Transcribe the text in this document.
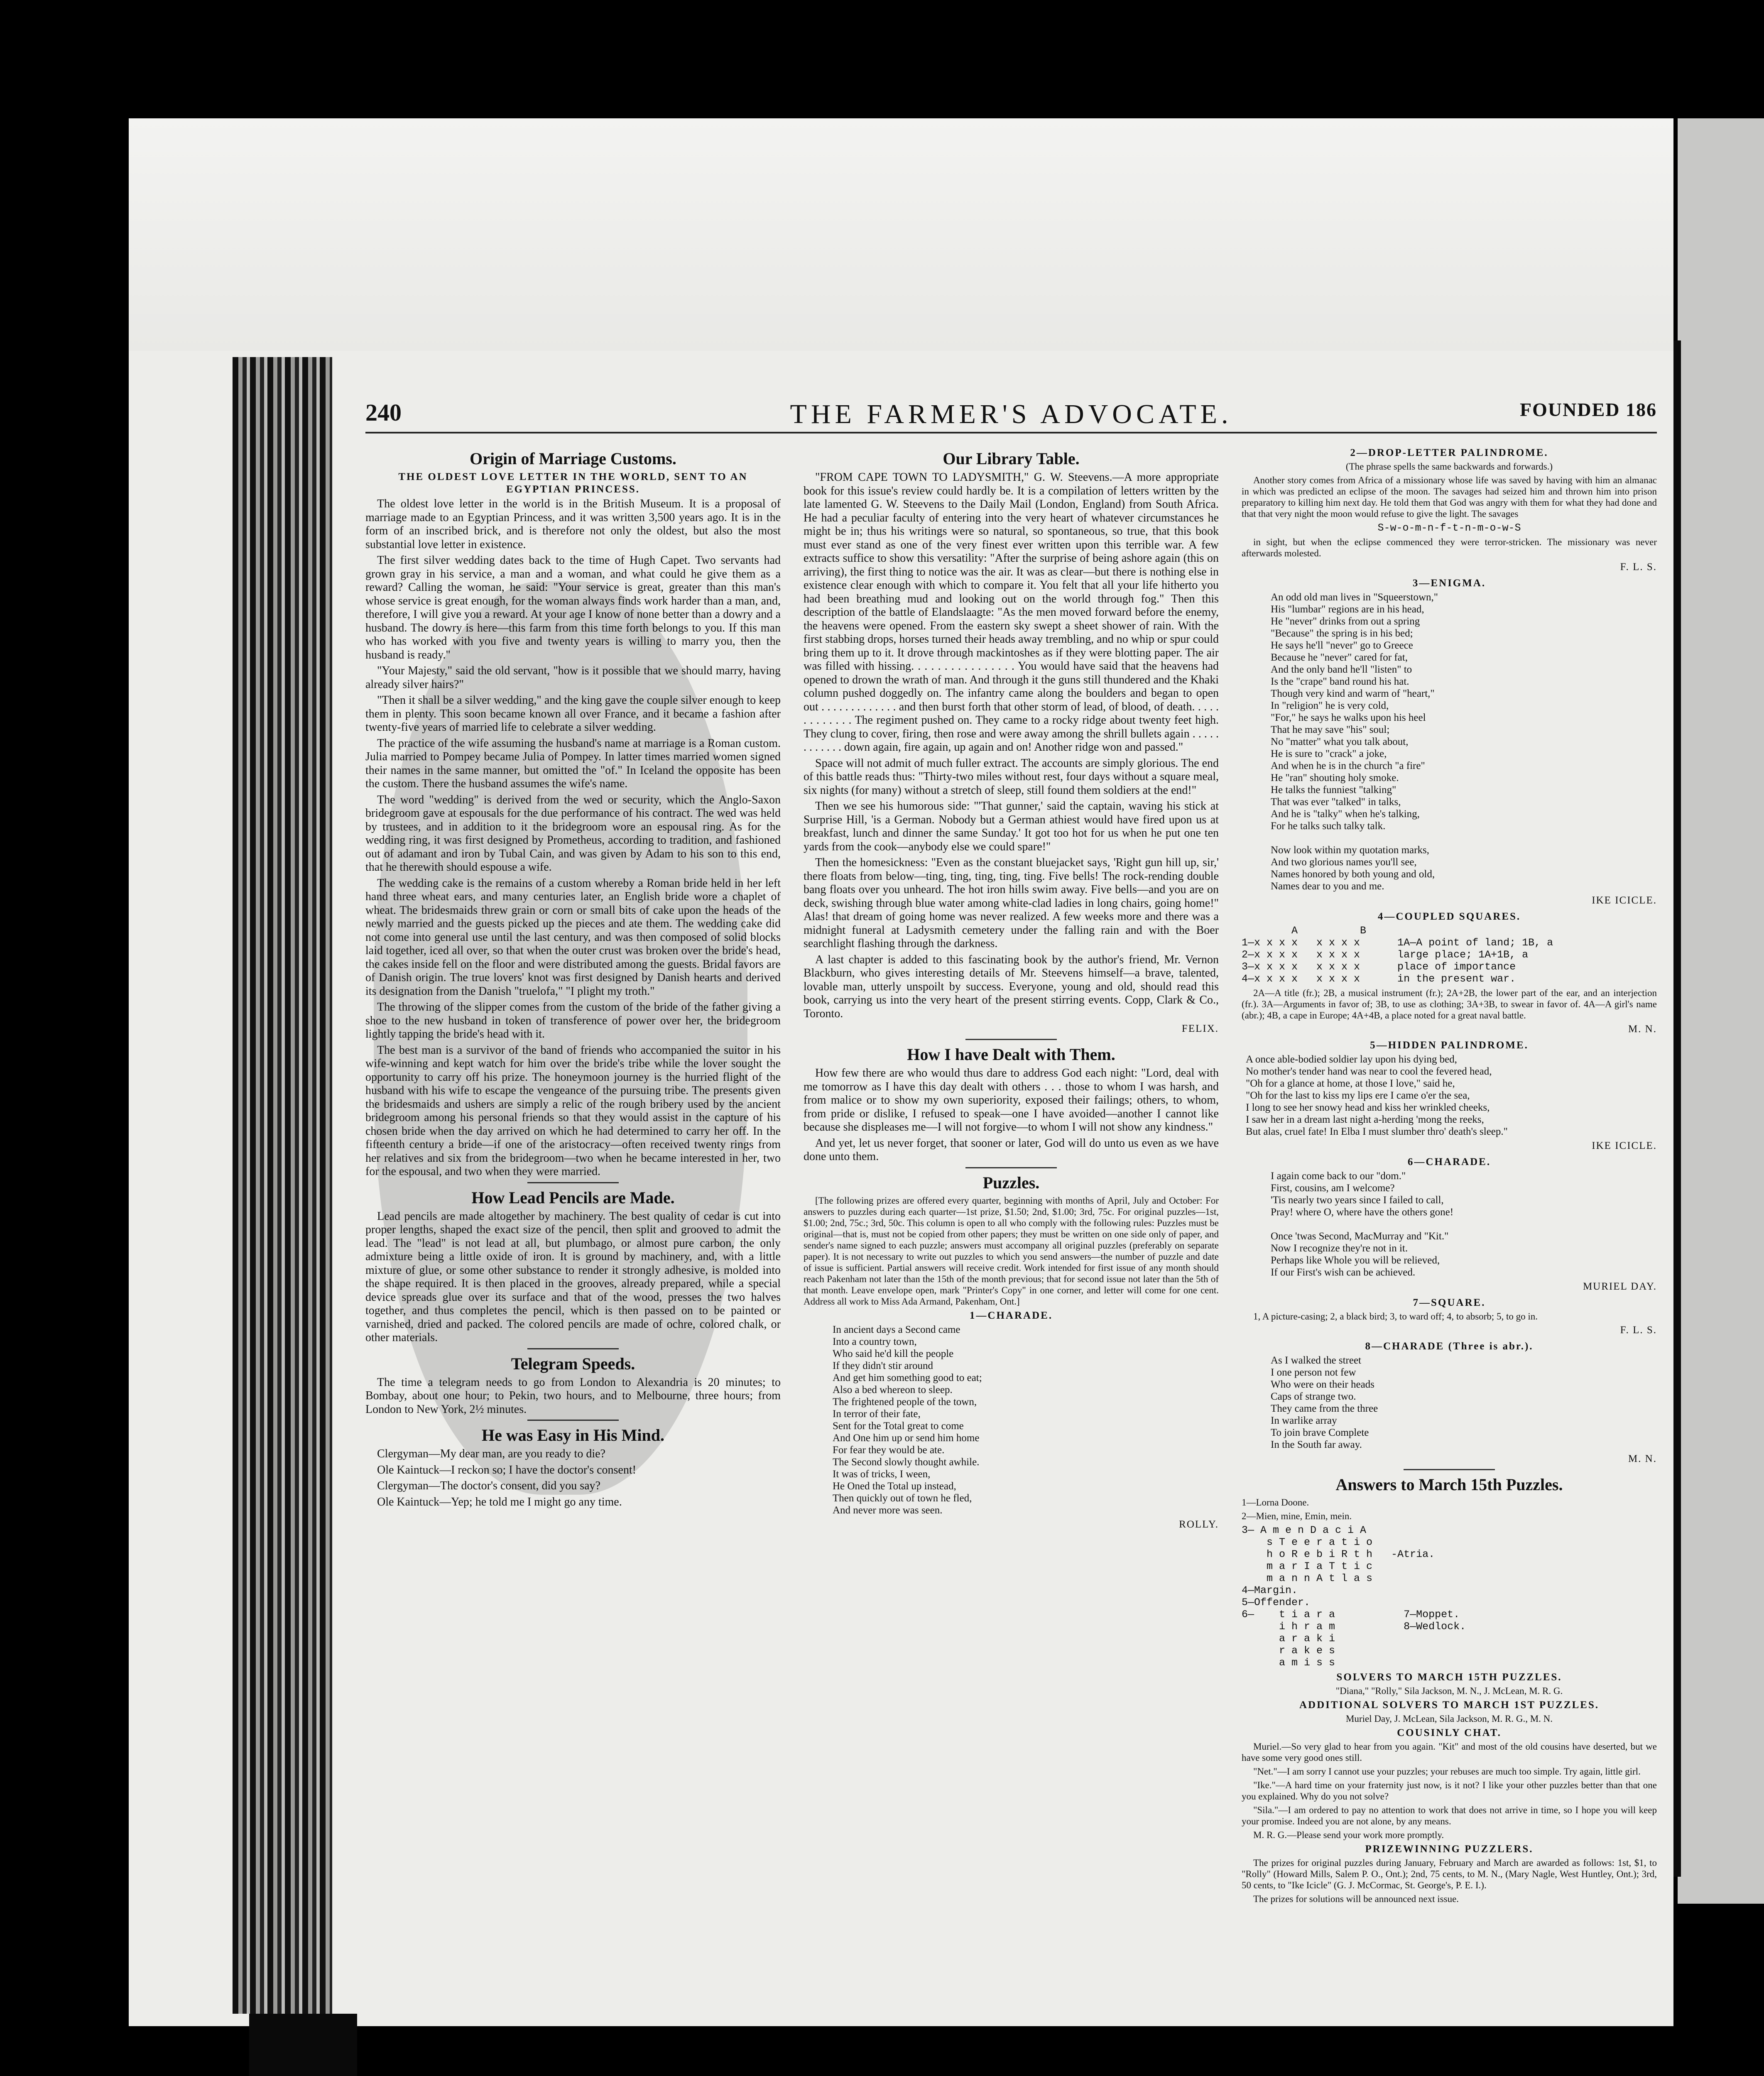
240	THE FARMER'S ADVOCATE.	FOUNDED 186
Origin of Marriage Customs.
THE OLDEST LOVE LETTER IN THE WORLD, SENT TO AN EGYPTIAN PRINCESS.

The oldest love letter in the world is in the British Museum. It is a proposal of marriage made to an Egyptian Princess, and it was written 3,500 years ago. It is in the form of an inscribed brick, and is therefore not only the oldest, but also the most substantial love letter in existence.

The first silver wedding dates back to the time of Hugh Capet. Two servants had grown gray in his service, a man and a woman, and what could he give them as a reward? Calling the woman, he said: "Your service is great, greater than this man's whose service is great enough, for the woman always finds work harder than a man, and, therefore, I will give you a reward. At your age I know of none better than a dowry and a husband. The dowry is here—this farm from this time forth belongs to you. If this man who has worked with you five and twenty years is willing to marry you, then the husband is ready."

"Your Majesty," said the old servant, "how is it possible that we should marry, having already silver hairs?"

"Then it shall be a silver wedding," and the king gave the couple silver enough to keep them in plenty. This soon became known all over France, and it became a fashion after twenty-five years of married life to celebrate a silver wedding.

The practice of the wife assuming the husband's name at marriage is a Roman custom. Julia married to Pompey became Julia of Pompey. In latter times married women signed their names in the same manner, but omitted the "of." In Iceland the opposite has been the custom. There the husband assumes the wife's name.

The word "wedding" is derived from the wed or security, which the Anglo-Saxon bridegroom gave at espousals for the due performance of his contract. The wed was held by trustees, and in addition to it the bridegroom wore an espousal ring. As for the wedding ring, it was first designed by Prometheus, according to tradition, and fashioned out of adamant and iron by Tubal Cain, and was given by Adam to his son to this end, that he therewith should espouse a wife.

The wedding cake is the remains of a custom whereby a Roman bride held in her left hand three wheat ears, and many centuries later, an English bride wore a chaplet of wheat. The bridesmaids threw grain or corn or small bits of cake upon the heads of the newly married and the guests picked up the pieces and ate them. The wedding cake did not come into general use until the last century, and was then composed of solid blocks laid together, iced all over, so that when the outer crust was broken over the bride's head, the cakes inside fell on the floor and were distributed among the guests. Bridal favors are of Danish origin. The true lovers' knot was first designed by Danish hearts and derived its designation from the Danish "truelofa," "I plight my troth."

The throwing of the slipper comes from the custom of the bride of the father giving a shoe to the new husband in token of transference of power over her, the bridegroom lightly tapping the bride's head with it.

The best man is a survivor of the band of friends who accompanied the suitor in his wife-winning and kept watch for him over the bride's tribe while the lover sought the opportunity to carry off his prize. The honeymoon journey is the hurried flight of the husband with his wife to escape the vengeance of the pursuing tribe. The presents given the bridesmaids and ushers are simply a relic of the rough bribery used by the ancient bridegroom among his personal friends so that they would assist in the capture of his chosen bride when the day arrived on which he had determined to carry her off. In the fifteenth century a bride—if one of the aristocracy—often received twenty rings from her relatives and six from the bridegroom—two when he became interested in her, two for the espousal, and two when they were married.

How Lead Pencils are Made.

Lead pencils are made altogether by machinery. The best quality of cedar is cut into proper lengths, shaped the exact size of the pencil, then split and grooved to admit the lead. The "lead" is not lead at all, but plumbago, or almost pure carbon, the only admixture being a little oxide of iron. It is ground by machinery, and, with a little mixture of glue, or some other substance to render it strongly adhesive, is molded into the shape required. It is then placed in the grooves, already prepared, while a special device spreads glue over its surface and that of the wood, presses the two halves together, and thus completes the pencil, which is then passed on to be painted or varnished, dried and packed. The colored pencils are made of ochre, colored chalk, or other materials.

Telegram Speeds.

The time a telegram needs to go from London to Alexandria is 20 minutes; to Bombay, about one hour; to Pekin, two hours, and to Melbourne, three hours; from London to New York, 2½ minutes.

He was Easy in His Mind.

Clergyman—My dear man, are you ready to die?

Ole Kaintuck—I reckon so; I have the doctor's consent!

Clergyman—The doctor's consent, did you say?

Ole Kaintuck—Yep; he told me I might go any time.

Our Library Table.

"FROM CAPE TOWN TO LADYSMITH," G. W. Steevens.—A more appropriate book for this issue's review could hardly be. It is a compilation of letters written by the late lamented G. W. Steevens to the Daily Mail (London, England) from South Africa. He had a peculiar faculty of entering into the very heart of whatever circumstances he might be in; thus his writings were so natural, so spontaneous, so true, that this book must ever stand as one of the very finest ever written upon this terrible war. A few extracts suffice to show this versatility: "After the surprise of being ashore again (this on arriving), the first thing to notice was the air. It was as clear—but there is nothing else in existence clear enough with which to compare it. You felt that all your life hitherto you had been breathing mud and looking out on the world through fog." Then this description of the battle of Elandslaagte: "As the men moved forward before the enemy, the heavens were opened. From the eastern sky swept a sheet shower of rain. With the first stabbing drops, horses turned their heads away trembling, and no whip or spur could bring them up to it. It drove through mackintoshes as if they were blotting paper. The air was filled with hissing. . . . . . . . . . . . . . . . You would have said that the heavens had opened to drown the wrath of man. And through it the guns still thundered and the Khaki column pushed doggedly on. The infantry came along the boulders and began to open out . . . . . . . . . . . . . and then burst forth that other storm of lead, of blood, of death. . . . . . . . . . . . . The regiment pushed on. They came to a rocky ridge about twenty feet high. They clung to cover, firing, then rose and were away among the shrill bullets again . . . . . . . . . . . . down again, fire again, up again and on! Another ridge won and passed."

Space will not admit of much fuller extract. The accounts are simply glorious. The end of this battle reads thus: "Thirty-two miles without rest, four days without a square meal, six nights (for many) without a stretch of sleep, still found them soldiers at the end!"

Then we see his humorous side: "'That gunner,' said the captain, waving his stick at Surprise Hill, 'is a German. Nobody but a German athiest would have fired upon us at breakfast, lunch and dinner the same Sunday.' It got too hot for us when he put one ten yards from the cook—anybody else we could spare!"

Then the homesickness: "Even as the constant bluejacket says, 'Right gun hill up, sir,' there floats from below—ting, ting, ting, ting, ting. Five bells! The rock-rending double bang floats over you unheard. The hot iron hills swim away. Five bells—and you are on deck, swishing through blue water among white-clad ladies in long chairs, going home!" Alas! that dream of going home was never realized. A few weeks more and there was a midnight funeral at Ladysmith cemetery under the falling rain and with the Boer searchlight flashing through the darkness.

A last chapter is added to this fascinating book by the author's friend, Mr. Vernon Blackburn, who gives interesting details of Mr. Steevens himself—a brave, talented, lovable man, utterly unspoilt by success. Everyone, young and old, should read this book, carrying us into the very heart of the present stirring events. Copp, Clark & Co., Toronto.

FELIX.
How I have Dealt with Them.

How few there are who would thus dare to address God each night: "Lord, deal with me tomorrow as I have this day dealt with others . . . those to whom I was harsh, and from malice or to show my own superiority, exposed their failings; others, to whom, from pride or dislike, I refused to speak—one I have avoided—another I cannot like because she displeases me—I will not forgive—to whom I will not show any kindness."

And yet, let us never forget, that sooner or later, God will do unto us even as we have done unto them.

Puzzles.

[The following prizes are offered every quarter, beginning with months of April, July and October: For answers to puzzles during each quarter—1st prize, $1.50; 2nd, $1.00; 3rd, 75c. For original puzzles—1st, $1.00; 2nd, 75c.; 3rd, 50c. This column is open to all who comply with the following rules: Puzzles must be original—that is, must not be copied from other papers; they must be written on one side only of paper, and sender's name signed to each puzzle; answers must accompany all original puzzles (preferably on separate paper). It is not necessary to write out puzzles to which you send answers—the number of puzzle and date of issue is sufficient. Partial answers will receive credit. Work intended for first issue of any month should reach Pakenham not later than the 15th of the month previous; that for second issue not later than the 5th of that month. Leave envelope open, mark "Printer's Copy" in one corner, and letter will come for one cent. Address all work to Miss Ada Armand, Pakenham, Ont.]

1—CHARADE.
In ancient days a Second came
Into a country town,
Who said he'd kill the people
If they didn't stir around
And get him something good to eat;
Also a bed whereon to sleep.
The frightened people of the town,
In terror of their fate,
Sent for the Total great to come
And One him up or send him home
For fear they would be ate.
The Second slowly thought awhile.
It was of tricks, I ween,
He Oned the Total up instead,
Then quickly out of town he fled,
And never more was seen.
ROLLY.
2—DROP-LETTER PALINDROME.

(The phrase spells the same backwards and forwards.)

Another story comes from Africa of a missionary whose life was saved by having with him an almanac in which was predicted an eclipse of the moon. The savages had seized him and thrown him into prison preparatory to killing him next day. He told them that God was angry with them for what they had done and that that very night the moon would refuse to give the light. The savages

S-w-o-m-n-f-t-n-m-o-w-S

in sight, but when the eclipse commenced they were terror-stricken. The missionary was never afterwards molested.

F. L. S.
3—ENIGMA.
An odd old man lives in "Squeerstown,"
His "lumbar" regions are in his head,
He "never" drinks from out a spring
"Because" the spring is in his bed;
He says he'll "never" go to Greece
Because he "never" cared for fat,
And the only band he'll "listen" to
Is the "crape" band round his hat.
Though very kind and warm of "heart,"
In "religion" he is very cold,
"For," he says he walks upon his heel
That he may save "his" soul;
No "matter" what you talk about,
He is sure to "crack" a joke,
And when he is in the church "a fire"
He "ran" shouting holy smoke.
He talks the funniest "talking"
That was ever "talked" in talks,
And he is "talky" when he's talking,
For he talks such talky talk.

Now look within my quotation marks,
And two glorious names you'll see,
Names honored by both young and old,
Names dear to you and me.
IKE ICICLE.
4—COUPLED SQUARES.
A          B
1—x x x x   x x x x      1A—A point of land; 1B, a
2—x x x x   x x x x      large place; 1A+1B, a
3—x x x x   x x x x      place of importance
4—x x x x   x x x x      in the present war.

2A—A title (fr.); 2B, a musical instrument (fr.); 2A+2B, the lower part of the ear, and an interjection (fr.). 3A—Arguments in favor of; 3B, to use as clothing; 3A+3B, to swear in favor of. 4A—A girl's name (abr.); 4B, a cape in Europe; 4A+4B, a place noted for a great naval battle.

M. N.
5—HIDDEN PALINDROME.
A once able-bodied soldier lay upon his dying bed,
No mother's tender hand was near to cool the fevered head,
"Oh for a glance at home, at those I love," said he,
"Oh for the last to kiss my lips ere I came o'er the sea,
I long to see her snowy head and kiss her wrinkled cheeks,
I saw her in a dream last night a-herding 'mong the reeks,
But alas, cruel fate! In Elba I must slumber thro' death's sleep."
IKE ICICLE.
6—CHARADE.
I again come back to our "dom."
First, cousins, am I welcome?
'Tis nearly two years since I failed to call,
Pray! where O, where have the others gone!

Once 'twas Second, MacMurray and "Kit."
Now I recognize they're not in it.
Perhaps like Whole you will be relieved,
If our First's wish can be achieved.
MURIEL DAY.
7—SQUARE.

1, A picture-casing; 2, a black bird; 3, to ward off; 4, to absorb; 5, to go in.

F. L. S.
8—CHARADE (Three is abr.).
As I walked the street
I one person not few
Who were on their heads
Caps of strange two.
They came from the three
In warlike array
To join brave Complete
In the South far away.
M. N.
Answers to March 15th Puzzles.

1—Lorna Doone.

2—Mien, mine, Emin, mein.

3— A m e n D a c i A
s T e e r a t i o
h o R e b i R t h   -Atria.
m a r I a T t i c
m a n n A t l a s
4—Margin.
5—Offender.
6—    t i a r a           7—Moppet.
i h r a m           8—Wedlock.
a r a k i
r a k e s
a m i s s
SOLVERS TO MARCH 15TH PUZZLES.

"Diana," "Rolly," Sila Jackson, M. N., J. McLean, M. R. G.

ADDITIONAL SOLVERS TO MARCH 1ST PUZZLES.

Muriel Day, J. McLean, Sila Jackson, M. R. G., M. N.

COUSINLY CHAT.

Muriel.—So very glad to hear from you again. "Kit" and most of the old cousins have deserted, but we have some very good ones still.

"Net."—I am sorry I cannot use your puzzles; your rebuses are much too simple. Try again, little girl.

"Ike."—A hard time on your fraternity just now, is it not? I like your other puzzles better than that one you explained. Why do you not solve?

"Sila."—I am ordered to pay no attention to work that does not arrive in time, so I hope you will keep your promise. Indeed you are not alone, by any means.

M. R. G.—Please send your work more promptly.

PRIZEWINNING PUZZLERS.

The prizes for original puzzles during January, February and March are awarded as follows: 1st, $1, to "Rolly" (Howard Mills, Salem P. O., Ont.); 2nd, 75 cents, to M. N., (Mary Nagle, West Huntley, Ont.); 3rd, 50 cents, to "Ike Icicle" (G. J. McCormac, St. George's, P. E. I.).

The prizes for solutions will be announced next issue.
